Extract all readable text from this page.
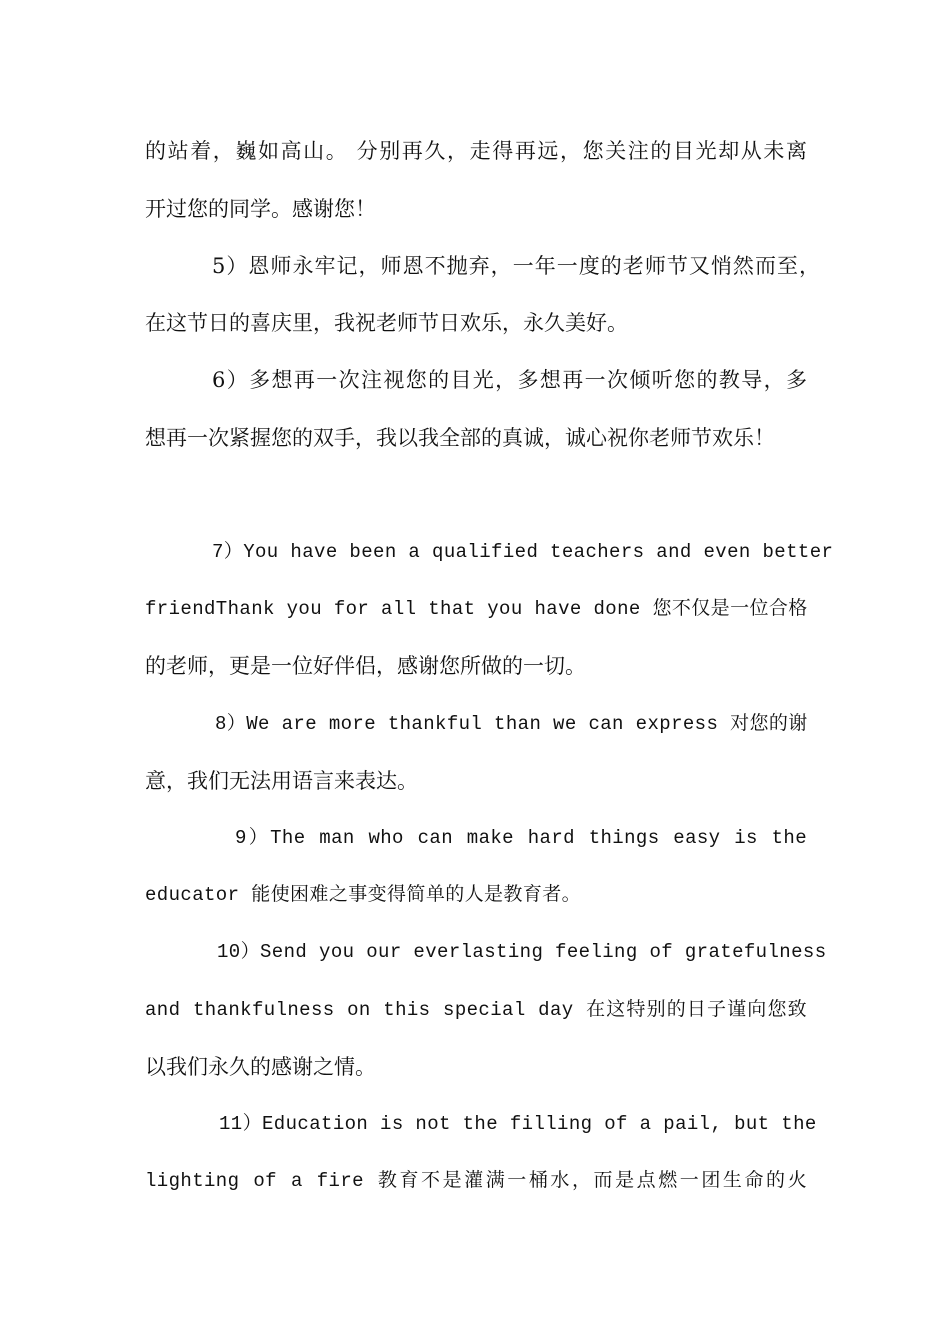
的站着，巍如高山。 分别再久，走得再远，您关注的目光却从未离
开过您的同学。感谢您！
5）恩师永牢记，师恩不抛弃，一年一度的老师节又悄然而至，
在这节日的喜庆里，我祝老师节日欢乐，永久美好。
6）多想再一次注视您的目光，多想再一次倾听您的教导，多
想再一次紧握您的双手，我以我全部的真诚，诚心祝你老师节欢乐！
7）You have been a qualified teachers and even better
friendThank you for all that you have done 您不仅是一位合格
的老师，更是一位好伴侣，感谢您所做的一切。
8）We are more thankful than we can express 对您的谢
意，我们无法用语言来表达。
9）The man who can make hard things easy is the
educator 能使困难之事变得简单的人是教育者。
10）Send you our everlasting feeling of gratefulness
and thankfulness on this special day 在这特别的日子谨向您致
以我们永久的感谢之情。
11）Education is not the filling of a pail, but the
lighting of a fire 教育不是灌满一桶水，而是点燃一团生命的火
